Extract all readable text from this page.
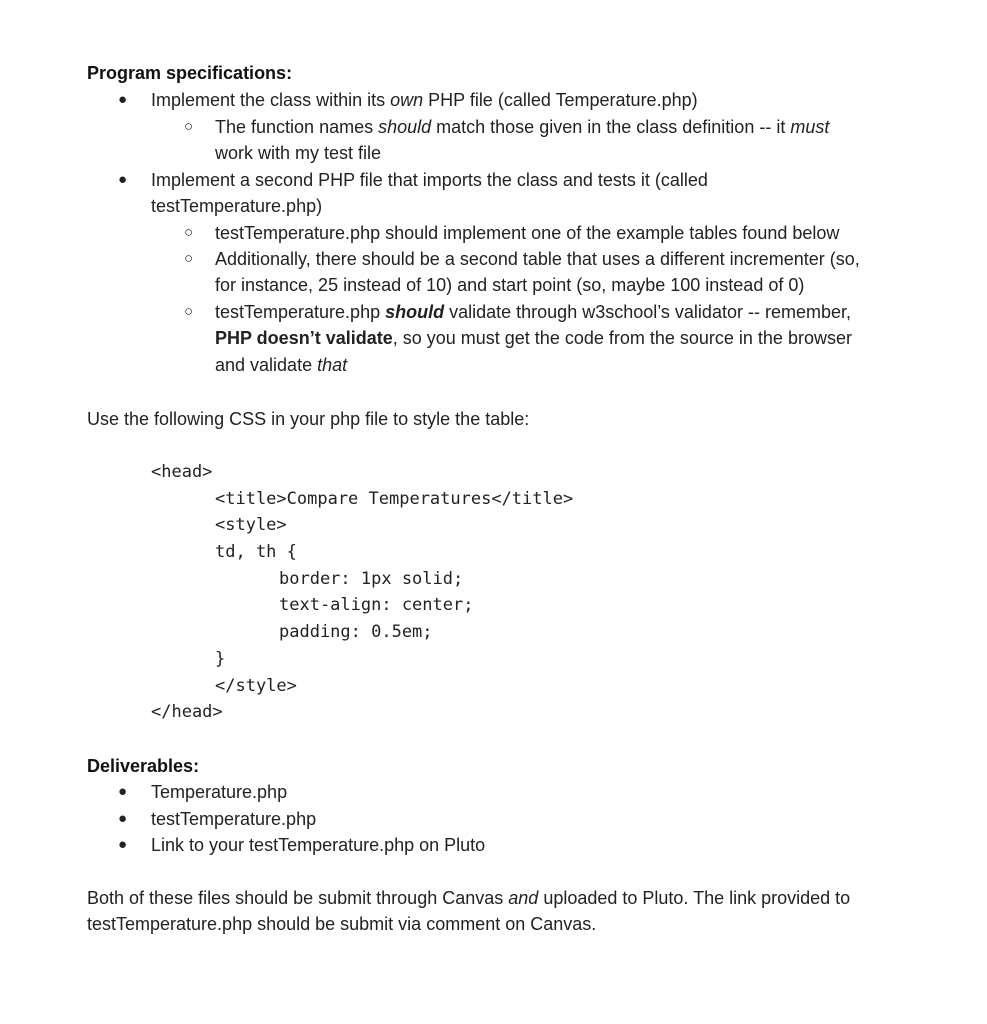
Program specifications:
● Implement the class within its own PHP file (called Temperature.php)
○ The function names should match those given in the class definition -- it must
work with my test file
● Implement a second PHP file that imports the class and tests it (called
testTemperature.php)
○ testTemperature.php should implement one of the example tables found below
○ Additionally, there should be a second table that uses a different incrementer (so,
for instance, 25 instead of 10) and start point (so, maybe 100 instead of 0)
○ testTemperature.php should validate through w3school’s validator -- remember,
PHP doesn’t validate, so you must get the code from the source in the browser
and validate that
Use the following CSS in your php file to style the table:
<head>
<title>Compare Temperatures</title>
<style>
td, th {
border: 1px solid;
text-align: center;
padding: 0.5em;
}
</style>
</head>
Deliverables:
● Temperature.php
● testTemperature.php
● Link to your testTemperature.php on Pluto
Both of these files should be submit through Canvas and uploaded to Pluto. The link provided to
testTemperature.php should be submit via comment on Canvas.
